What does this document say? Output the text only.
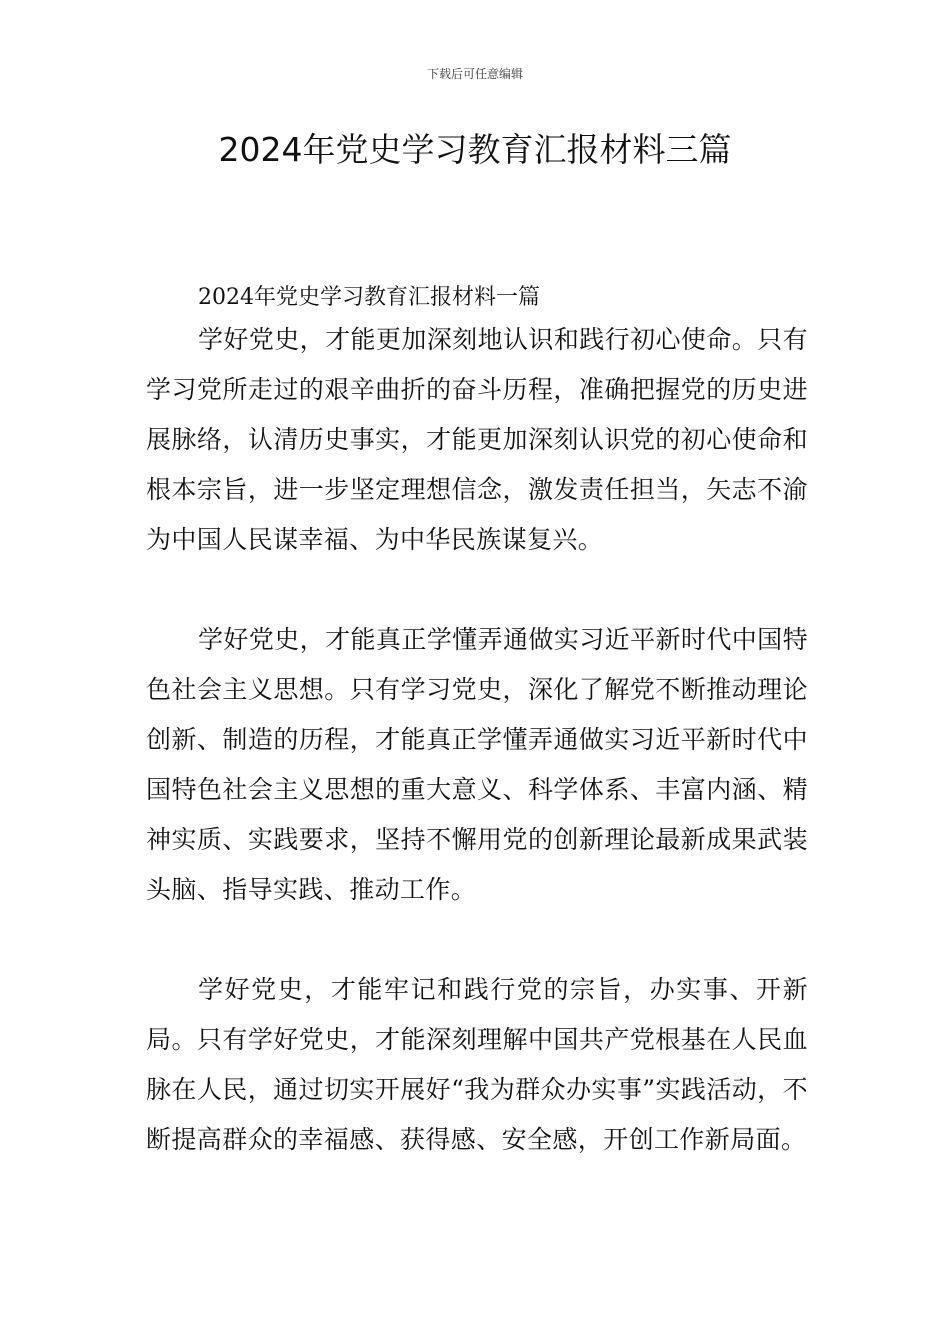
下载后可任意编辑
2024年党史学习教育汇报材料三篇

2024年党史学习教育汇报材料一篇

学好党史，才能更加深刻地认识和践行初心使命。只有学习党所走过的艰辛曲折的奋斗历程，准确把握党的历史进展脉络，认清历史事实，才能更加深刻认识党的初心使命和根本宗旨，进一步坚定理想信念，激发责任担当，矢志不渝为中国人民谋幸福、为中华民族谋复兴。

学好党史，才能真正学懂弄通做实习近平新时代中国特色社会主义思想。只有学习党史，深化了解党不断推动理论创新、制造的历程，才能真正学懂弄通做实习近平新时代中国特色社会主义思想的重大意义、科学体系、丰富内涵、精神实质、实践要求，坚持不懈用党的创新理论最新成果武装头脑、指导实践、推动工作。

学好党史，才能牢记和践行党的宗旨，办实事、开新局。只有学好党史，才能深刻理解中国共产党根基在人民血脉在人民，通过切实开展好“我为群众办实事”实践活动，不断提高群众的幸福感、获得感、安全感，开创工作新局面。
